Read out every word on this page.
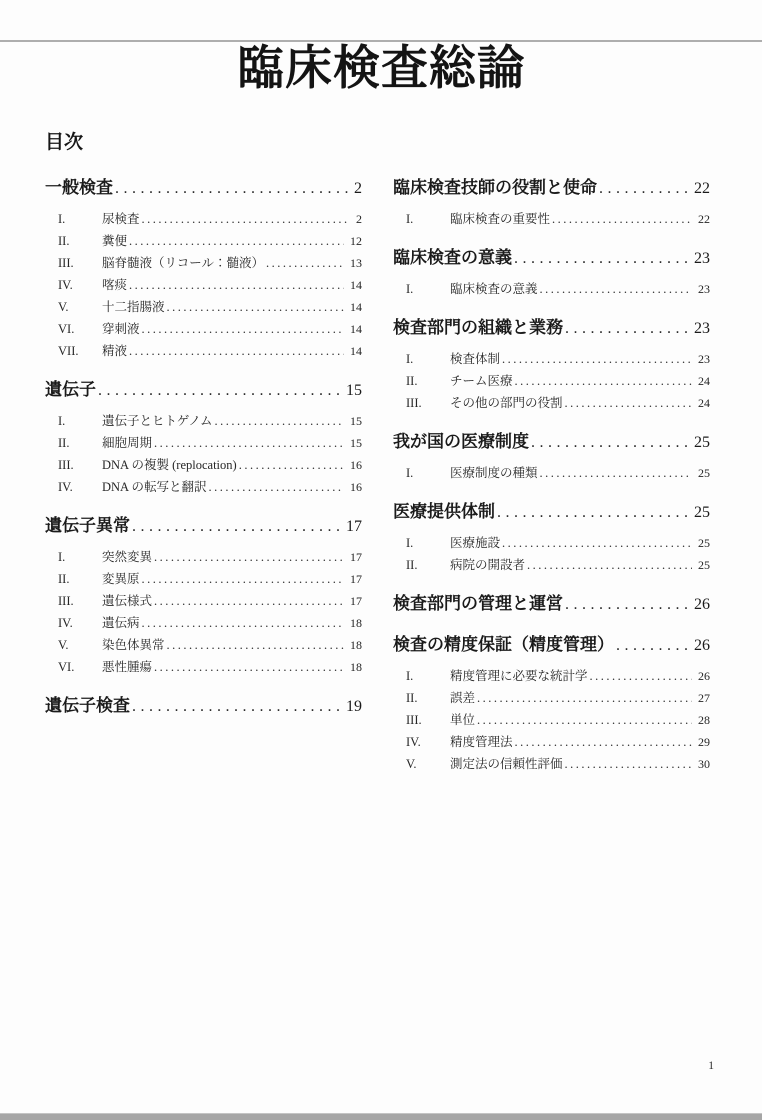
臨床検査総論
目次
一般検査 .....	2
I.	尿検査 .....	2
II.	糞便 .....	12
III.	脳脊髄液（リコール：髄液） .....	13
IV.	喀痰 .....	14
V.	十二指腸液 .....	14
VI.	穿刺液 .....	14
VII.	精液 .....	14
遺伝子 .....	15
I.	遺伝子とヒトゲノム .....	15
II.	細胞周期 .....	15
III.	DNA の複製 (replocation) .....	16
IV.	DNA の転写と翻訳 .....	16
遺伝子異常 .....	17
I.	突然変異 .....	17
II.	変異原 .....	17
III.	遺伝様式 .....	17
IV.	遺伝病 .....	18
V.	染色体異常 .....	18
VI.	悪性腫瘍 .....	18
遺伝子検査 .....	19
臨床検査技師の役割と使命 .....	22
I.	臨床検査の重要性 .....	22
臨床検査の意義 .....	23
I.	臨床検査の意義 .....	23
検査部門の組織と業務 .....	23
I.	検査体制 .....	23
II.	チーム医療 .....	24
III.	その他の部門の役割 .....	24
我が国の医療制度 .....	25
I.	医療制度の種類 .....	25
医療提供体制 .....	25
I.	医療施設 .....	25
II.	病院の開設者 .....	25
検査部門の管理と運営 .....	26
検査の精度保証（精度管理） .....	26
I.	精度管理に必要な統計学 .....	26
II.	誤差 .....	27
III.	単位 .....	28
IV.	精度管理法 .....	29
V.	測定法の信頼性評価 .....	30
1
